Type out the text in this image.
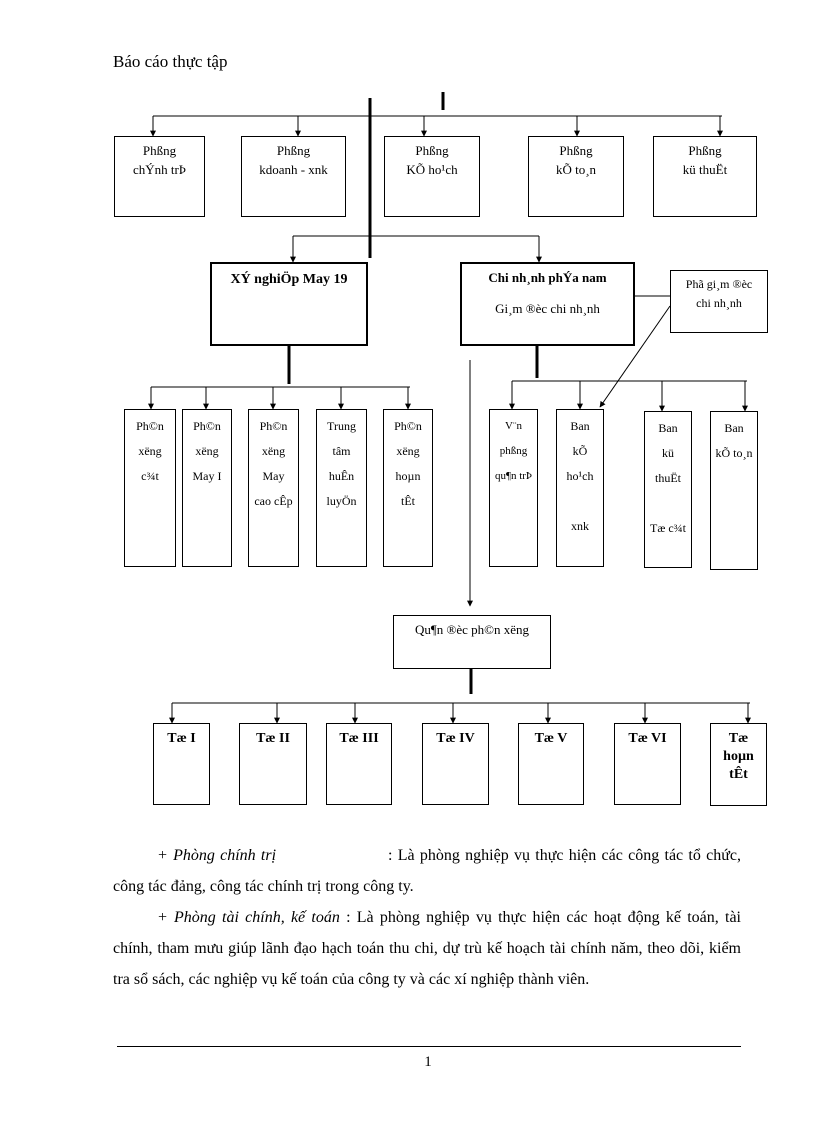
Báo cáo thực tập
Phßng
chÝnh trÞ
Phßng
kdoanh - xnk
Phßng
KÕ ho¹ch
Phßng
kÕ to¸n
Phßng
kü thuËt
XÝ nghiÖp May 19	Chi nh¸nh phÝa nam
Gi¸m ®èc chi nh¸nh
Phã gi¸m ®èc
chi nh¸nh
Ph©n
xëng
c¾t
Ph©n
xëng
May I
Ph©n
xëng
May
cao cÊp
Trung
tâm
huÊn
luyÖn
Ph©n
xëng
hoµn
tÊt
V¨n
phßng
qu¶n trÞ
Ban
kÕ
ho¹ch

xnk
Ban
kü
thuËt

Tæ c¾t
Ban
kÕ to¸n
Qu¶n ®èc ph©n xëng
Tæ I	Tæ II	Tæ III	Tæ IV	Tæ V	Tæ VI	Tæ
hoµn
tÊt
+ Phòng chính trị	: Là phòng nghiệp vụ thực hiện các công tác tổ chức, công tác đảng, công tác chính trị trong công ty.
+ Phòng tài chính, kế toán : Là phòng nghiệp vụ thực hiện các hoạt động kế toán, tài chính, tham mưu giúp lãnh đạo hạch toán thu chi, dự trù kế hoạch tài chính năm, theo dõi, kiểm tra sổ sách, các nghiệp vụ kế toán của công ty và các xí nghiệp thành viên.
1
